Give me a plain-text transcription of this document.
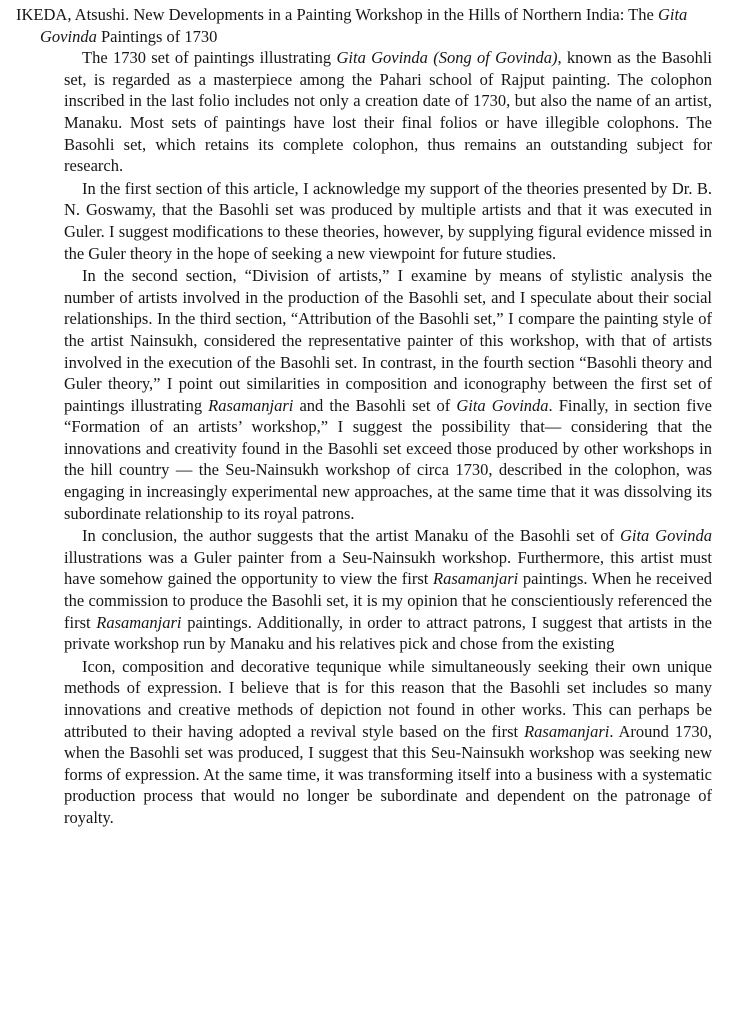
IKEDA, Atsushi. New Developments in a Painting Workshop in the Hills of Northern India: The Gita Govinda Paintings of 1730

The 1730 set of paintings illustrating Gita Govinda (Song of Govinda), known as the Basohli set, is regarded as a masterpiece among the Pahari school of Rajput painting. The colophon inscribed in the last folio includes not only a creation date of 1730, but also the name of an artist, Manaku. Most sets of paintings have lost their final folios or have illegible colophons. The Basohli set, which retains its complete colophon, thus remains an outstanding subject for research.

In the first section of this article, I acknowledge my support of the theories presented by Dr. B. N. Goswamy, that the Basohli set was produced by multiple artists and that it was executed in Guler. I suggest modifications to these theories, however, by supplying figural evidence missed in the Guler theory in the hope of seeking a new viewpoint for future studies.

In the second section, “Division of artists,” I examine by means of stylistic analysis the number of artists involved in the production of the Basohli set, and I speculate about their social relationships. In the third section, “Attribution of the Basohli set,” I compare the painting style of the artist Nainsukh, considered the representative painter of this workshop, with that of artists involved in the execution of the Basohli set. In contrast, in the fourth section “Basohli theory and Guler theory,” I point out similarities in composition and iconography between the first set of paintings illustrating Rasamanjari and the Basohli set of Gita Govinda. Finally, in section five “Formation of an artists’ workshop,” I suggest the possibility that— considering that the innovations and creativity found in the Basohli set exceed those produced by other workshops in the hill country — the Seu-Nainsukh workshop of circa 1730, described in the colophon, was engaging in increasingly experimental new approaches, at the same time that it was dissolving its subordinate relationship to its royal patrons.

In conclusion, the author suggests that the artist Manaku of the Basohli set of Gita Govinda illustrations was a Guler painter from a Seu-Nainsukh workshop. Furthermore, this artist must have somehow gained the opportunity to view the first Rasamanjari paintings. When he received the commission to produce the Basohli set, it is my opinion that he conscientiously referenced the first Rasamanjari paintings. Additionally, in order to attract patrons, I suggest that artists in the private workshop run by Manaku and his relatives pick and chose from the existing

Icon, composition and decorative tequnique while simultaneously seeking their own unique methods of expression. I believe that is for this reason that the Basohli set includes so many innovations and creative methods of depiction not found in other works. This can perhaps be attributed to their having adopted a revival style based on the first Rasamanjari. Around 1730, when the Basohli set was produced, I suggest that this Seu-Nainsukh workshop was seeking new forms of expression. At the same time, it was transforming itself into a business with a systematic production process that would no longer be subordinate and dependent on the patronage of royalty.
